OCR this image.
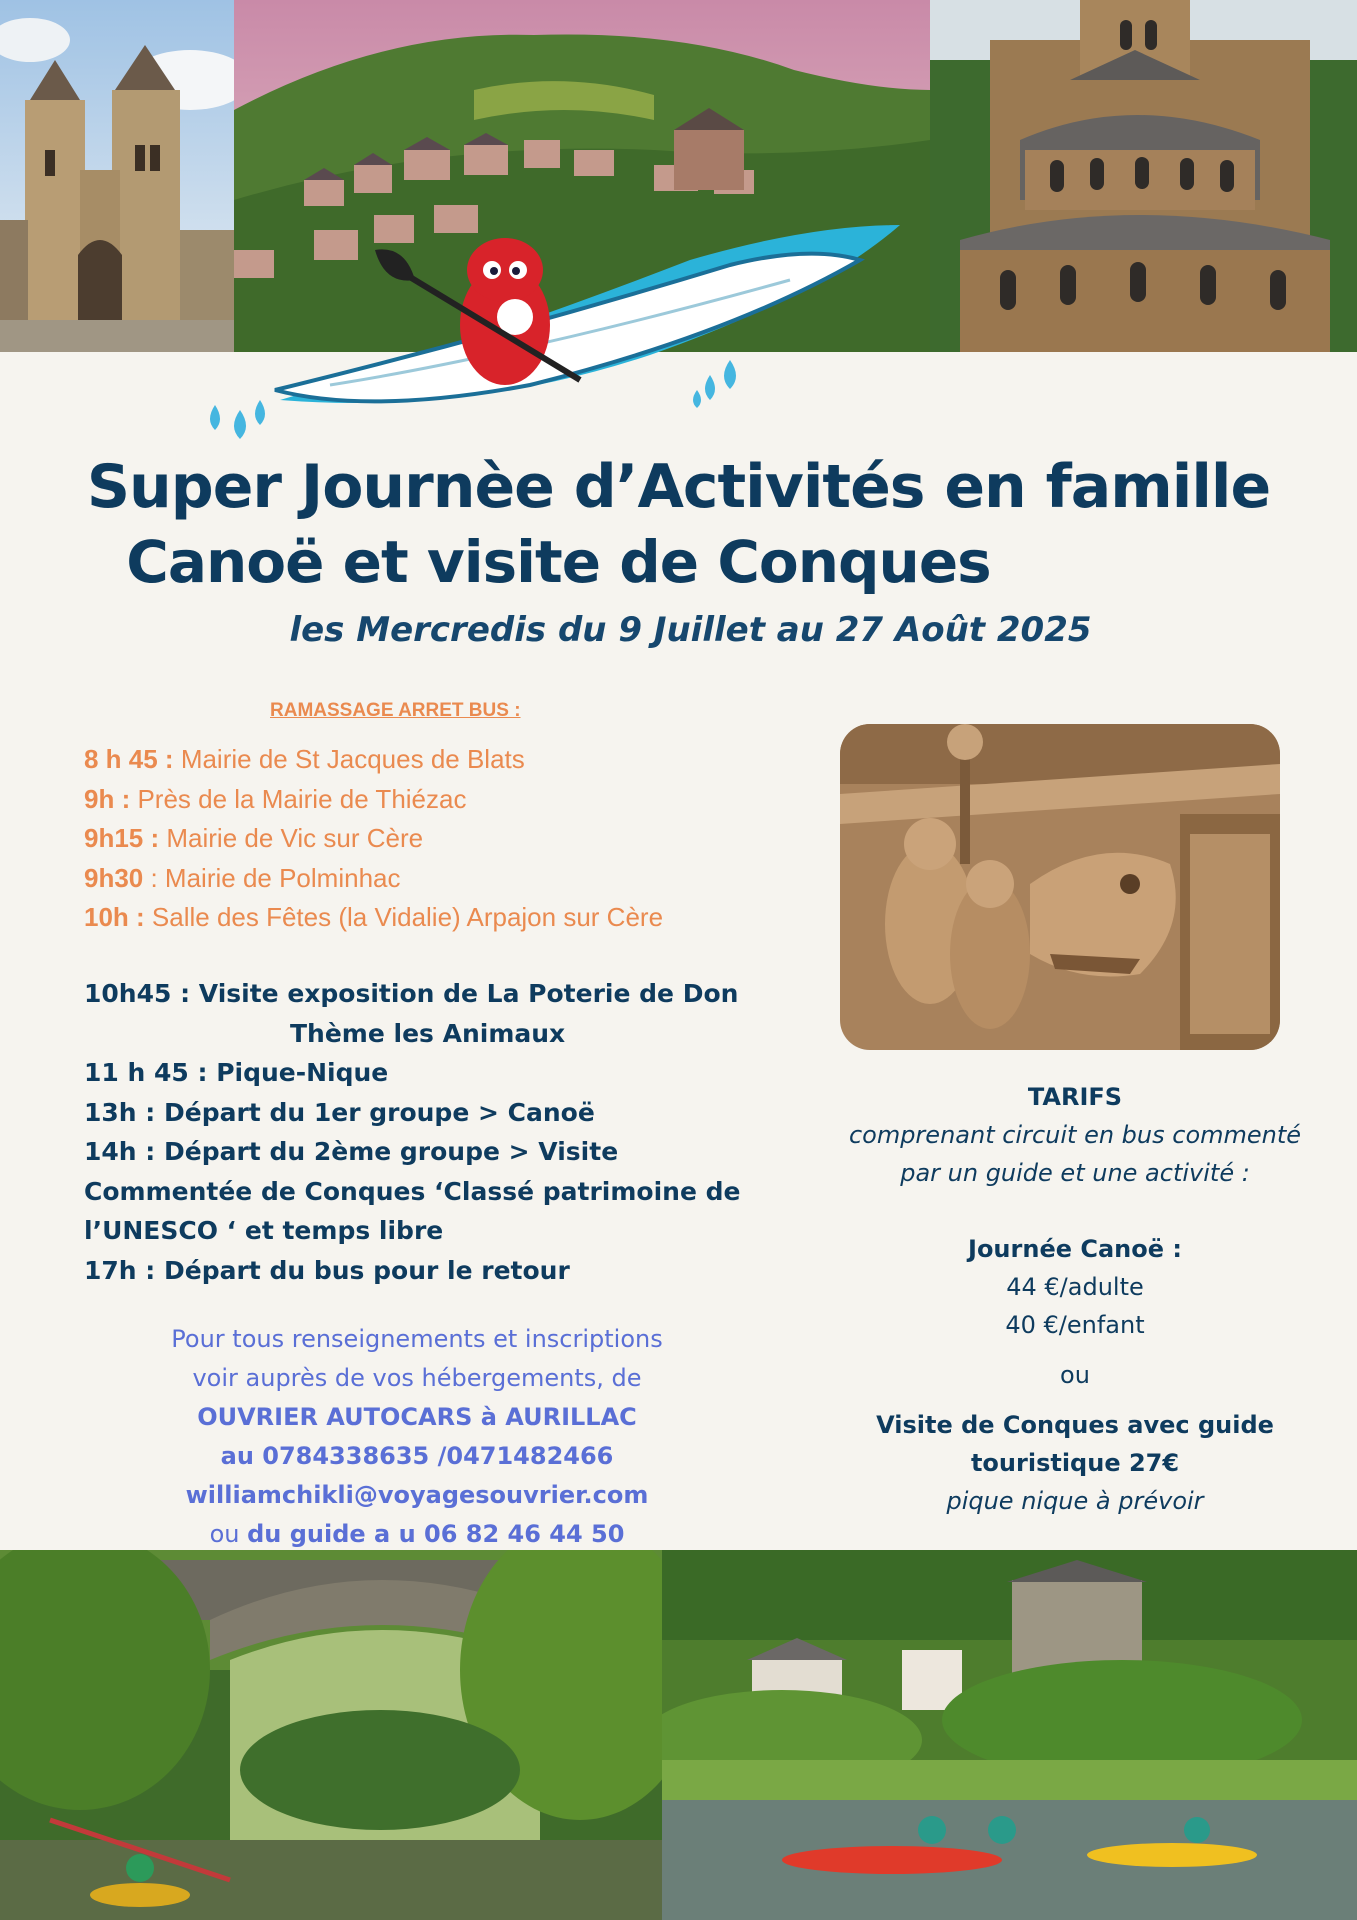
Super Journèe d’Activités en famille
Canoë et visite de Conques
les Mercredis du 9 Juillet au 27 Août 2025
RAMASSAGE ARRET BUS :
8 h 45 : Mairie de St Jacques de Blats
9h : Près de la Mairie de Thiézac
9h15 : Mairie de Vic sur Cère
9h30 : Mairie de Polminhac
10h : Salle des Fêtes (la Vidalie) Arpajon sur Cère
10h45 : Visite exposition de La Poterie de Don
Thème les Animaux
11 h 45 : Pique-Nique
13h : Départ du 1er groupe > Canoë
14h : Départ du 2ème groupe > Visite
Commentée de Conques ‘Classé patrimoine de
l’UNESCO ‘ et temps libre
17h : Départ du bus pour le retour
Pour tous renseignements et inscriptions
voir auprès de vos hébergements, de
OUVRIER AUTOCARS à AURILLAC
au 0784338635 /0471482466
williamchikli@voyagesouvrier.com
ou du guide a u 06 82 46 44 50
TARIFS
comprenant circuit en bus commenté
par un guide et une activité :
Journée Canoë :
44 €/adulte
40 €/enfant
ou
Visite de Conques avec guide
touristique 27€
pique nique à prévoir
